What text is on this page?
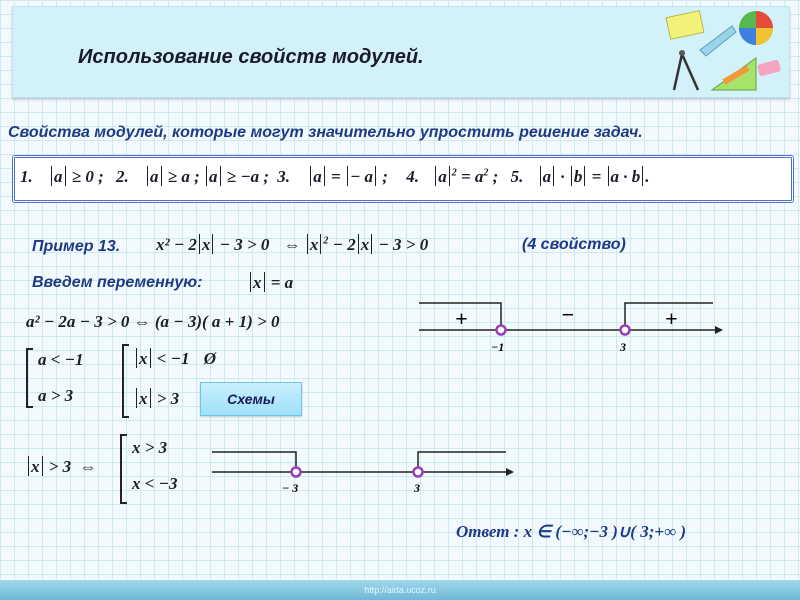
Использование свойств модулей.
Свойства модулей, которые могут значительно упростить решение задач.
1. a ≥ 0 ; 2. a ≥ a ; a ≥ −a ; 3. a = − a ; 4. a $^2 = a^2$ ; 5. a · b = a · b .
Пример 13. x² − 2 x − 3 > 0 ⇔ x $^2$ − 2 x − 3 > 0	(4 свойство)
Введем переменную:	x = a
a² − 2a − 3 > 0 ⇔ (a − 3)( a + 1) > 0	+	−	+
−1	3
a < −1
a > 3
x < −1 Ø
x > 3	Схемы
x > 3 ⇔
x > 3
x < −3	− 3	3
Ответ : x ∈ (−∞;−3 )∪( 3;+∞ )
http://aida.ucoz.ru
